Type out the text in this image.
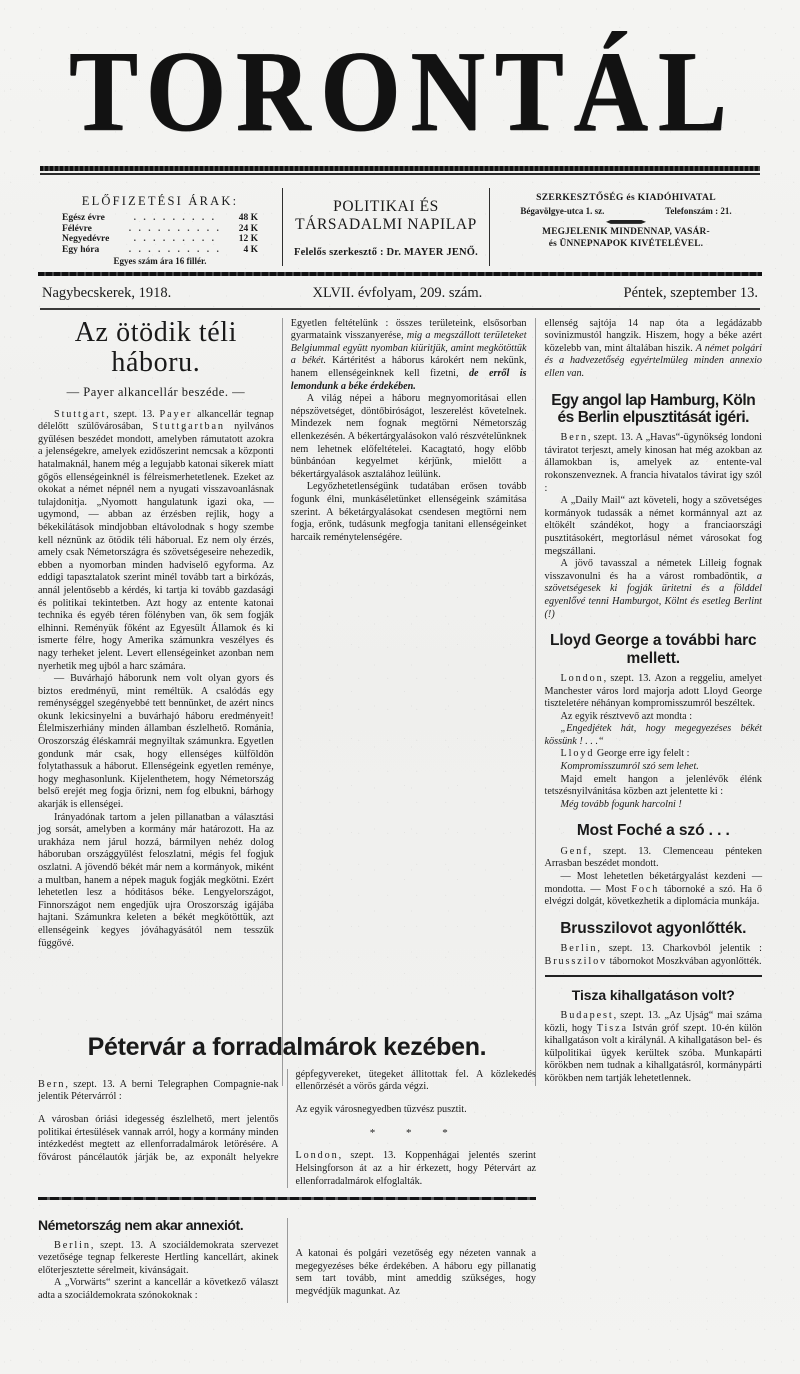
TORONTÁL
ELŐFIZETÉSI ÁRAK:
Egész évre	. . . . . . . . .	48 K
Félévre	. . . . . . . . . .	24 K
Negyedévre	. . . . . . . . .	12 K
Egy hóra	. . . . . . . . . .	4 K
Egyes szám ára 16 fillér.
POLITIKAI ÉS TÁRSADALMI NAPILAP
Felelős szerkesztő : Dr. MAYER JENŐ.
SZERKESZTŐSÉG és KIADÓHIVATAL
Bégavölgye-utca 1. sz.	Telefonszám : 21.
MEGJELENIK MINDENNAP, VASÁR-
és ÜNNEPNAPOK KIVÉTELÉVEL.
Nagybecskerek, 1918.	XLVII. évfolyam, 209. szám.	Péntek, szeptember 13.
Az ötödik téli háboru.
— Payer alkancellár beszéde. —

Stuttgart, szept. 13. Payer alkancellár tegnap délelőtt szülővárosában, Stuttgartban nyilvános gyűlésen beszédet mondott, amelyben rámutatott azokra a jelenségekre, amelyek ezidőszerint nemcsak a központi hatalmaknál, hanem még a legujabb katonai sikerek miatt gőgös ellenségeinknél is félreismerhetetlenek. Ezeket az okokat a német népnél nem a nyugati visszavoanlásnak tulajdonitja. „Nyomott hangulatunk igazi oka, — ugymond, — abban az érzésben rejlik, hogy a békekilátások mindjobban eltávolodnak s hogy szembe kell néznünk az ötödik téli háborual. Ez nem oly érzés, amely csak Németországra és szövetségeseire nehezedik, ebben a nyomorban minden hadviselő egyforma. Az eddigi tapasztalatok szerint minél tovább tart a birkózás, annál jelentősebb a kérdés, ki tartja ki tovább gazdasági és politikai tekintetben. Azt hogy az entente katonai technika és egyéb téren fölényben van, ők sem fogják elhinni. Reményük főként az Egyesült Államok és ki ismerte félre, hogy Amerika számunkra veszélyes és nagy terheket jelent. Levert ellenségeinket azonban nem nyerhetik meg ujból a harc számára.

— Buvárhajó háborunk nem volt olyan gyors és biztos eredményű, mint reméltük. A csalódás egy reménységgel szegényebbé tett bennünket, de azért nincs okunk lekicsinyelni a buvárhajó háboru eredményeit! Élelmiszerhiány minden államban észlelhető. Románia, Oroszország éléskamrái megnyiltak számunkra. Egyetlen gondunk már csak, hogy ellenséges külföldön folytathassuk a háborut. Ellenségeink egyetlen reménye, hogy meghasonlunk. Kijelenthetem, hogy Németország belső erejét meg fogja őrizni, nem fog elbukni, bárhogy akarják is ellenségei.

Irányadónak tartom a jelen pillanatban a választási jog sorsát, amelyben a kormány már határozott. Ha az urakháza nem járul hozzá, bármilyen nehéz dolog háboruban országgyűlést feloszlatni, mégis fel fogjuk oszlatni. A jövendő békét már nem a kormányok, miként a multban, hanem a népek maguk fogják megkötni. Ezért lehetetlen lesz a hóditásos béke. Lengyelországot, Finnországot nem engedjük ujra Oroszország igájába hajtani. Számunkra keleten a békét megkötöttük, azt ellenségeink kegyes jóváhagyásától nem tesszük függővé.

Egyetlen feltételünk : összes területeink, elsősorban gyarmataink visszanyerése, mig a megszállott területeket Belgiummal együtt nyomban kiüritjük, amint megkötöttük a békét. Kártéritést a háborus károkért nem nekünk, hanem ellenségeinknek kell fizetni, de erről is lemondunk a béke érdekében.

A világ népei a háboru megnyomoritásai ellen népszövetséget, döntőbiróságot, leszerelést követelnek. Mindezek nem fognak megtörni Németország ellenkezésén. A békertárgyalásokon való részvételünknek nem lehetnek előfeltételei. Kacagtató, hogy előbb bünbánóan kegyelmet kérjünk, mielőtt a békertárgyalások asztalához leülünk.

Legyőzhetetlenségünk tudatában erősen tovább fogunk élni, munkáséletünket ellenségeink számitása szerint. A béketárgyalásokat csendesen megtörni nem fogja, erőnk, tudásunk megfogja tanitani ellenségeinket harcaik reménytelenségére.

ellenség sajtója 14 nap óta a legádázabb sovinizmustól hangzik. Hiszem, hogy a béke azért közelebb van, mint általában hiszik. A német polgári és a hadvezetőség egyértelmüleg minden annexio ellen van.

Egy angol lap Hamburg, Köln és Berlin elpusztitását igéri.

Bern, szept. 13. A „Havas“-ügynökség londoni táviratot terjeszt, amely kinosan hat még azokban az államokban is, amelyek az entente-val rokonszenveznek. A francia hivatalos távirat igy szól :

A „Daily Mail“ azt követeli, hogy a szövetséges kormányok tudassák a német kormánnyal azt az eltökélt szándékot, hogy a franciaországi pusztitásokért, megtorlásul német városokat fog megszállani.

A jövő tavasszal a németek Lilleig fognak visszavonulni és ha a várost rombadöntik, a szövetségesek ki fogják üritetni és a földdel egyenlővé tenni Hamburgot, Kölnt és esetleg Berlint (!)

Lloyd George a további harc mellett.

London, szept. 13. Azon a reggeliu, amelyet Manchester város lord majorja adott Lloyd George tiszteletére néhányan kompromisszumról beszéltek.

Az egyik résztvevő azt mondta :

„Engedjétek hát, hogy megegyezéses békét kössünk ! . . .“

Lloyd George erre igy felelt :

Kompromisszumról szó sem lehet.

Majd emelt hangon a jelenlévők élénk tetszésnyilvánitása közben azt jelentette ki :

Még tovább fogunk harcolni !

Most Foché a szó . . .

Genf, szept. 13. Clemenceau pénteken Arrasban beszédet mondott.

— Most lehetetlen béketárgyalást kezdeni — mondotta. — Most Foch tábornoké a szó. Ha ő elvégzi dolgát, következhetik a diplomácia munkája.

Brusszilovot agyonlőtték.

Berlin, szept. 13. Charkovból jelentik : Brusszilov tábornokot Moszkvában agyonlőtték.

Tisza kihallgatáson volt?

Budapest, szept. 13. „Az Ujság“ mai száma közli, hogy Tisza István gróf szept. 10-én külön kihallgatáson volt a királynál. A kihallgatáson bel- és külpolitikai ügyek kerültek szóba. Munkapárti körökben nem tudnak a kihallgatásról, kormánypárti körökben nem tartják lehetetlennek.

Pétervár a forradalmárok kezében.

Bern, szept. 13. A berni Telegraphen Compagnie-nak jelentik Pétervárról :

A városban óriási idegesség észlelhető, mert jelentős politikai értesülések vannak arról, hogy a kormány minden intézkedést megtett az ellenforradalmárok letörésére. A fővárost páncélautók járják be, az exponált helyekre gépfegyvereket, ütegeket állitottak fel. A közlekedés ellenőrzését a vörös gárda végzi.

Az egyik városnegyedben tüzvész pusztit.

* * *

London, szept. 13. Koppenhágai jelentés szerint Helsingforson át az a hir érkezett, hogy Pétervárt az ellenforradalmárok elfoglalták.

Németország nem akar annexiót.

Berlin, szept. 13. A szociáldemokrata szervezet vezetősége tegnap felkereste Hertling kancellárt, akinek előterjesztette sérelmeit, kivánságait.

A „Vorwärts“ szerint a kancellár a következő választ adta a szociáldemokrata szónokoknak :

A katonai és polgári vezetőség egy nézeten vannak a megegyezéses béke érdekében. A háboru egy pillanatig sem tart tovább, mint ameddig szükséges, hogy megvédjük magunkat. Az
